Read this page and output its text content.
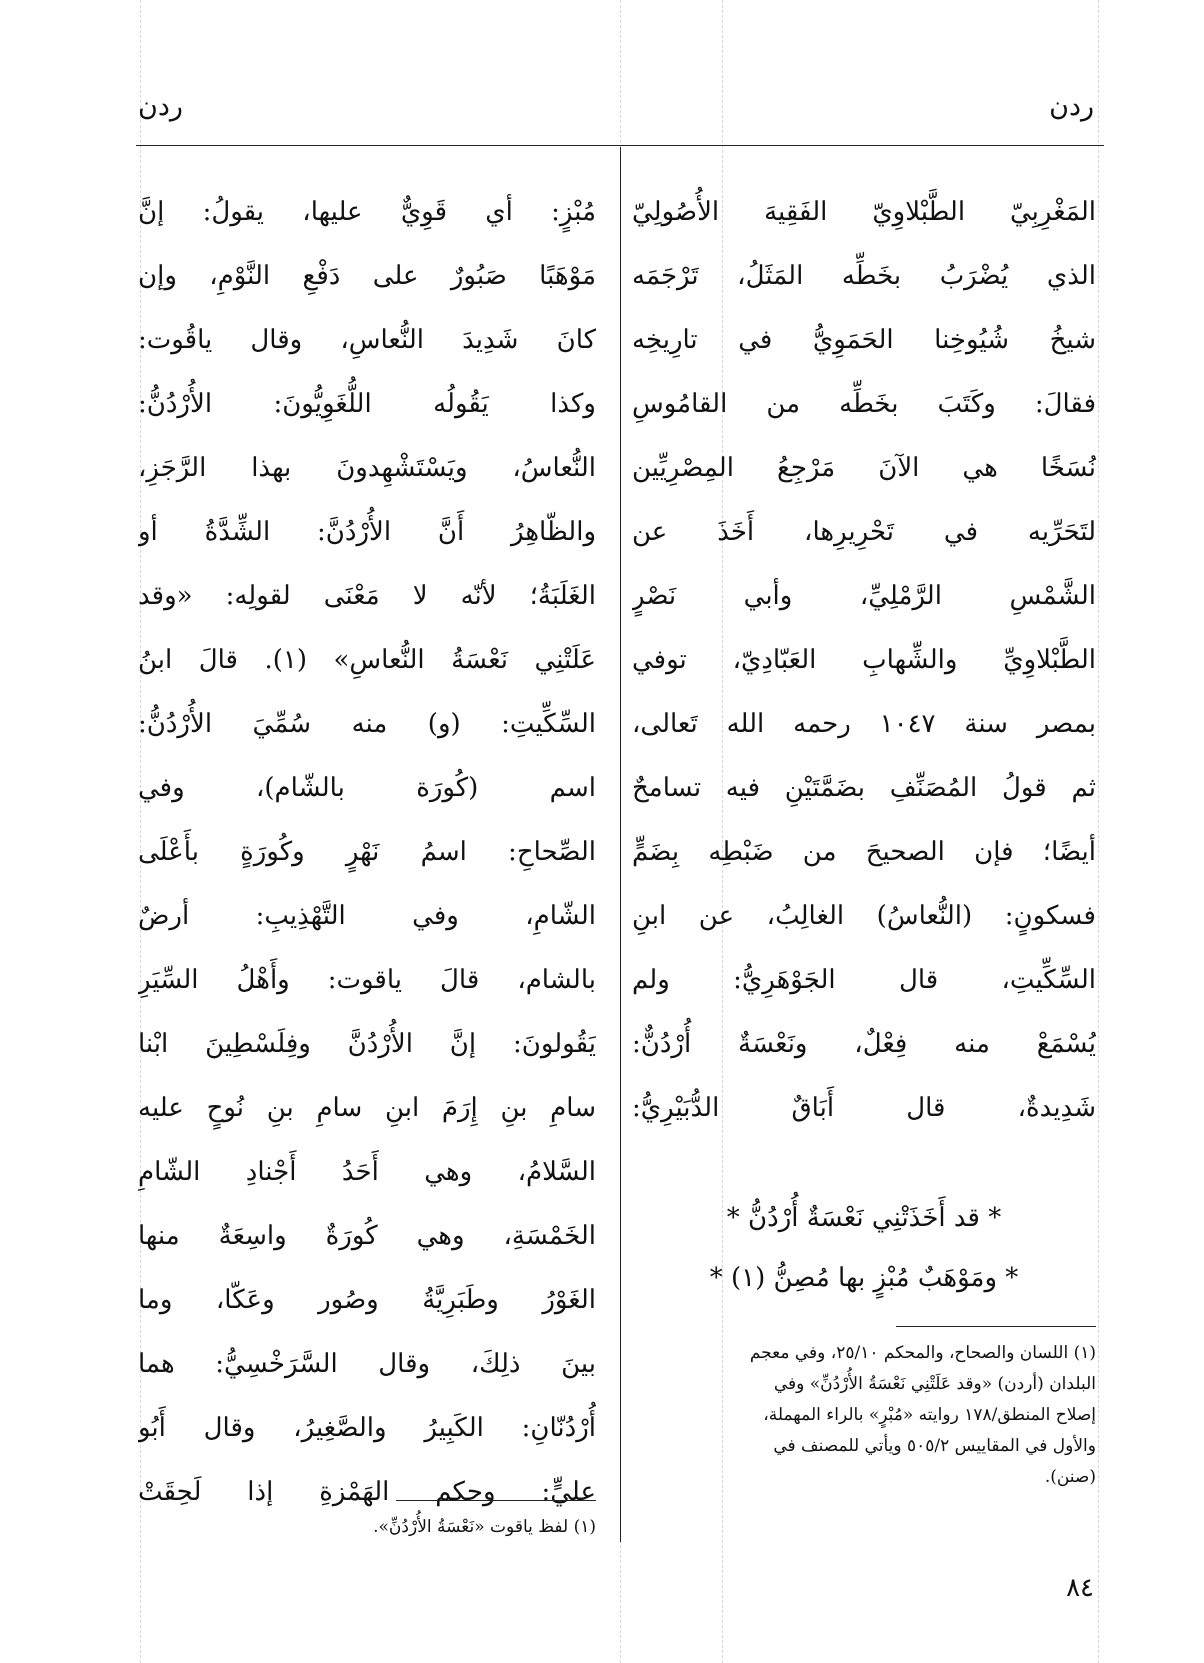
ردن
ردن
المَغْرِبِيّ الطَّبْلاوِيّ الفَقِيهَ الأُصُولِيّ
الذي يُضْرَبُ بخَطِّه المَثَلُ، تَرْجَمَه
شيخُ شُيُوخِنا الحَمَوِيُّ في تارِيخِه
فقالَ: وكَتَبَ بخَطِّه من القامُوسِ
نُسَخًا هي الآنَ مَرْجِعُ المِصْرِيِّين
لتَحَرِّيه في تَحْرِيرِها، أَخَذَ عن
الشَّمْسِ الرَّمْلِيِّ، وأبي نَصْرٍ
الطَّبْلاوِيِّ والشِّهابِ العَبّادِيّ، توفي
بمصر سنة ١٠٤٧ رحمه الله تَعالى،
ثم قولُ المُصَنِّفِ بضَمَّتَيْنِ فيه تسامحٌ
أيضًا؛ فإن الصحيحَ من ضَبْطِه بِضَمٍّ
فسكونٍ: (النُّعاسُ) الغالِبُ، عن ابنِ
السِّكِّيتِ، قال الجَوْهَرِيُّ: ولم
يُسْمَعْ منه فِعْلٌ، ونَعْسَةٌ أُرْدُنٌّ:
شَدِيدةٌ، قال أَبَاقٌ الدُّبَيْرِيُّ:
* قد أَخَذَتْنِي نَعْسَةٌ أُرْدُنُّ *
* ومَوْهَبٌ مُبْزٍ بها مُصِنُّ (١) *
(١) اللسان والصحاح، والمحكم ٢٥/١٠، وفي معجم
البلدان (أردن) «وقد عَلَتْنِي نَعْسَةُ الأُرْدُنِّ» وفي
إصلاح المنطق/١٧٨ روايته «مُبْرٍ» بالراء المهملة،
والأول في المقاييس ٥٠٥/٢ ويأتي للمصنف في
(صنن).
مُبْزٍ: أي قَوِيٌّ عليها، يقولُ: إنَّ
مَوْهَبًا صَبُورٌ على دَفْعِ النَّوْمِ، وإن
كانَ شَدِيدَ النُّعاسِ، وقال ياقُوت:
وكذا يَقُولُه اللُّغَوِيُّونَ: الأُرْدُنُّ:
النُّعاسُ، ويَسْتَشْهِدونَ بهذا الرَّجَزِ،
والظّاهِرُ أَنَّ الأُرْدُنَّ: الشِّدَّةُ أو
الغَلَبَةُ؛ لأنّه لا مَعْنَى لقولِه: «وقد
عَلَتْنِي نَعْسَةُ النُّعاسِ» (١). قالَ ابنُ
السِّكِّيتِ: (و) منه سُمِّيَ الأُرْدُنُّ:
اسم (كُورَة بالشّام)، وفي
الصِّحاحِ: اسمُ نَهْرٍ وكُورَةٍ بأَعْلَى
الشّامِ، وفي التَّهْذِيبِ: أرضٌ
بالشام، قالَ ياقوت: وأَهْلُ السِّيَرِ
يَقُولونَ: إنَّ الأُرْدُنَّ وفِلَسْطِينَ ابْنا
سامِ بنِ إِرَمَ ابنِ سامِ بنِ نُوحٍ عليه
السَّلامُ، وهي أَحَدُ أَجْنادِ الشّامِ
الخَمْسَةِ، وهي كُورَةٌ واسِعَةٌ منها
الغَوْرُ وطَبَرِيَّةُ وصُور وعَكّا، وما
بينَ ذلِكَ، وقال السَّرَخْسِيُّ: هما
أُرْدُنّانِ: الكَبِيرُ والصَّغِيرُ، وقال أَبُو
عليٍّ: وحكم الهَمْزةِ إذا لَحِقَتْ
(١) لفظ ياقوت «نَعْسَةُ الأُرْدُنِّ».
٨٤
